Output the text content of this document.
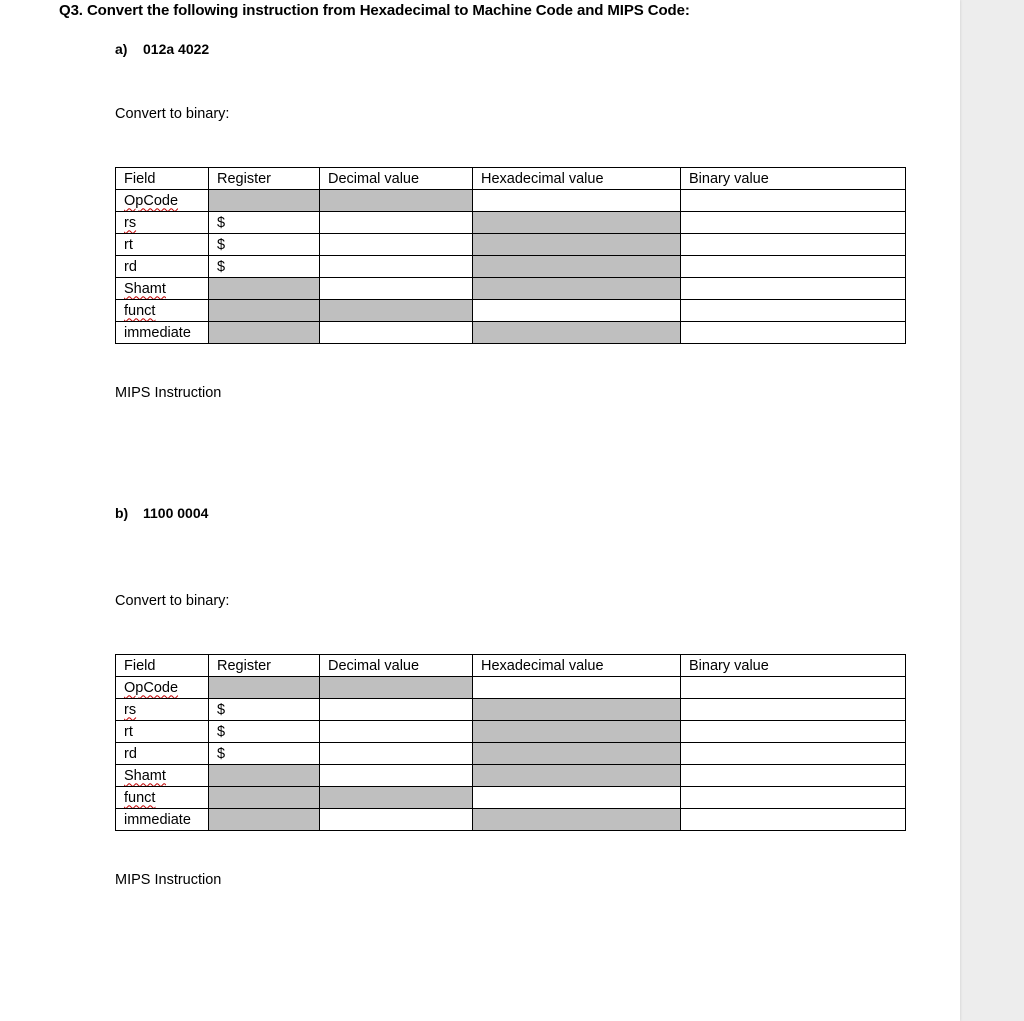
Q3. Convert the following instruction from Hexadecimal to Machine Code and MIPS Code:
a) 012a 4022
Convert to binary:
Field	Register	Decimal value	Hexadecimal value	Binary value
OpCode				
rs	$			
rt	$			
rd	$			
Shamt				
funct				
immediate				
MIPS Instruction
b) 1100 0004
Convert to binary:
Field	Register	Decimal value	Hexadecimal value	Binary value
OpCode				
rs	$			
rt	$			
rd	$			
Shamt				
funct				
immediate				
MIPS Instruction
